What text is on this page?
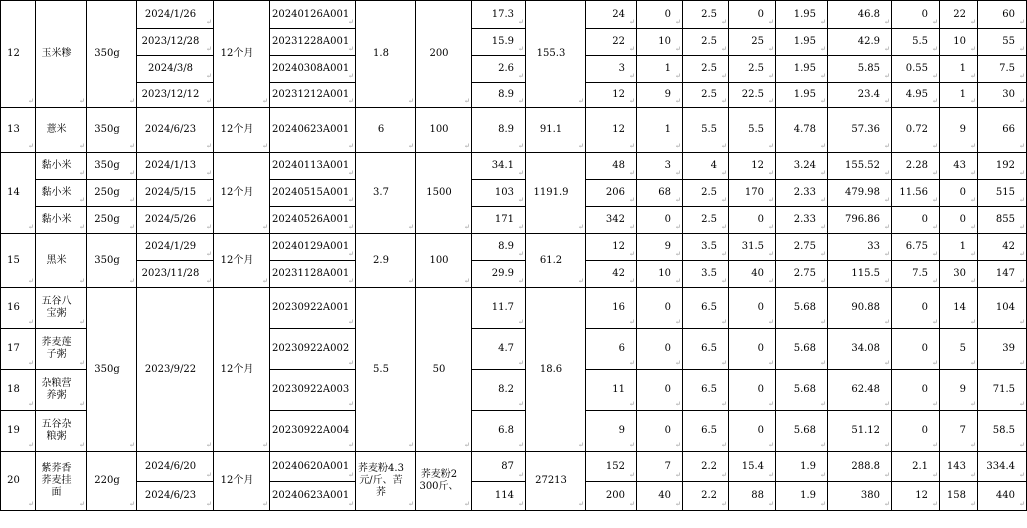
12 ↵	玉米糁 ↵	350g ↵	2024/1/26 ↵	12个月 ↵	20240126A001 ↵	1.8 ↵	200 ↵	17.3 ↵	155.3 ↵	24 ↵	0 ↵	2.5 ↵	0 ↵	1.95 ↵	46.8 ↵	0 ↵	22 ↵	60 ↵
			2023/12/28 ↵		20231228A001 ↵			15.9 ↵		22 ↵	10 ↵	2.5 ↵	25 ↵	1.95 ↵	42.9 ↵	5.5 ↵	10 ↵	55 ↵
			2024/3/8 ↵		20240308A001 ↵			2.6 ↵		3 ↵	1 ↵	2.5 ↵	2.5 ↵	1.95 ↵	5.85 ↵	0.55 ↵	1 ↵	7.5 ↵
			2023/12/12 ↵		20231212A001 ↵			8.9 ↵		12 ↵	9 ↵	2.5 ↵	22.5 ↵	1.95 ↵	23.4 ↵	4.95 ↵	1 ↵	30 ↵
13 ↵	薏米 ↵	350g ↵	2024/6/23 ↵	12个月 ↵	20240623A001 ↵	6 ↵	100 ↵	8.9 ↵	91.1 ↵	12 ↵	1 ↵	5.5 ↵	5.5 ↵	4.78 ↵	57.36 ↵	0.72 ↵	9 ↵	66 ↵
14 ↵	黏小米 ↵	350g ↵	2024/1/13 ↵	12个月 ↵	20240113A001 ↵	3.7 ↵	1500 ↵	34.1 ↵	1191.9 ↵	48 ↵	3 ↵	4 ↵	12 ↵	3.24 ↵	155.52 ↵	2.28 ↵	43 ↵	192 ↵
	黏小米 ↵	250g ↵	2024/5/15 ↵		20240515A001 ↵			103 ↵		206 ↵	68 ↵	2.5 ↵	170 ↵	2.33 ↵	479.98 ↵	11.56 ↵	0 ↵	515 ↵
	黏小米 ↵	250g ↵	2024/5/26 ↵		20240526A001 ↵			171 ↵		342 ↵	0 ↵	2.5 ↵	0 ↵	2.33 ↵	796.86 ↵	0 ↵	0 ↵	855 ↵
15 ↵	黑米 ↵	350g ↵	2024/1/29 ↵	12个月 ↵	20240129A001 ↵	2.9 ↵	100 ↵	8.9 ↵	61.2 ↵	12 ↵	9 ↵	3.5 ↵	31.5 ↵	2.75 ↵	33 ↵	6.75 ↵	1 ↵	42 ↵
			2023/11/28 ↵		20231128A001 ↵			29.9 ↵		42 ↵	10 ↵	3.5 ↵	40 ↵	2.75 ↵	115.5 ↵	7.5 ↵	30 ↵	147 ↵
16 ↵	五谷八宝粥 ↵	350g ↵	2023/9/22 ↵	12个月 ↵	20230922A001 ↵	5.5 ↵	50 ↵	11.7 ↵	18.6 ↵	16 ↵	0 ↵	6.5 ↵	0 ↵	5.68 ↵	90.88 ↵	0 ↵	14 ↵	104 ↵
17 ↵	荞麦莲子粥 ↵				20230922A002 ↵			4.7 ↵		6 ↵	0 ↵	6.5 ↵	0 ↵	5.68 ↵	34.08 ↵	0 ↵	5 ↵	39 ↵
18 ↵	杂粮营养粥 ↵				20230922A003 ↵			8.2 ↵		11 ↵	0 ↵	6.5 ↵	0 ↵	5.68 ↵	62.48 ↵	0 ↵	9 ↵	71.5 ↵
19 ↵	五谷杂粮粥 ↵				20230922A004 ↵			6.8 ↵		9 ↵	0 ↵	6.5 ↵	0 ↵	5.68 ↵	51.12 ↵	0 ↵	7 ↵	58.5 ↵
20 ↵	紫荞香荞麦挂面 ↵	220g ↵	2024/6/20 ↵	12个月 ↵	20240620A001 ↵	荞麦粉4.3元/斤、苦荞 ↵	荞麦粉2300斤、 ↵	87 ↵	27213 ↵	152 ↵	7 ↵	2.2 ↵	15.4 ↵	1.9 ↵	288.8 ↵	2.1 ↵	143 ↵	334.4 ↵
			2024/6/23 ↵		20240623A001 ↵			114 ↵		200 ↵	40 ↵	2.2 ↵	88 ↵	1.9 ↵	380 ↵	12 ↵	158 ↵	440 ↵
